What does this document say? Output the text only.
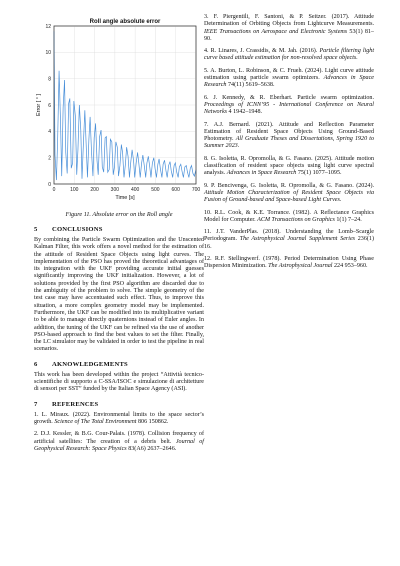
0	100 200 300 400 500 600 700
0
2
4
6
8
10
12
Roll angle absolute error
Time [s]
Error [ ° ]
Figure 11. Absolute error on the Roll angle
5 CONCLUSIONS

By combining the Particle Swarm Optimization and the Unscented Kalman Filter, this work offers a novel method for the estimation of the attitude of Resident Space Objects using light curves. The implementation of the PSO has proved the theoretical advantages of its integration with the UKF providing accurate initial guesses significantly improving the UKF initialization. However, a lot of solutions provided by the first PSO algorithm are discarded due to the ambiguity of the problem to solve. The simple geometry of the test case may have accentuated such effect. Thus, to improve this situation, a more complex geometry model may be implemented. Furthermore, the UKF can be modified into its multiplicative variant to be able to manage directly quaternions instead of Euler angles. In addition, the tuning of the UKF can be refined via the use of another PSO-based approach to find the best values to set the filter. Finally, the LC simulator may be validated in order to test the pipeline in real scenarios.

6 AKNOWLEDGEMENTS

This work has been developed within the project “Attività tecnico-scientifiche di supporto a C-SSA/ISOC e simulazione di architetture di sensori per SST” funded by the Italian Space Agency (ASI).

7 REFERENCES

1. L. Miraux. (2022). Environmental limits to the space sector’s growth. Science of The Total Environment 806 150862.

2. D.J. Kessler, & B.G. Cour-Palais. (1978). Collision frequency of artificial satellites: The creation of a debris belt. Journal of Geophysical Research: Space Physics 83(A6) 2637–2646.

3. F. Piergentili, F. Santoni, & P. Seitzer. (2017). Attitude Determination of Orbiting Objects from Lightcurve Measurements. IEEE Transactions on Aerospace and Electronic Systems 53(1) 81–90.

4. R. Linares, J. Crassidis, & M. Jah. (2016). Particle filtering light curve based attitude estimation for non-resolved space objects.

5. A. Burton, L. Robinson, & C. Frueh. (2024). Light curve attitude estimation using particle swarm optimizers. Advances in Space Research 74(11) 5619–5638.

6. J. Kennedy, & R. Eberhart. Particle swarm optimization. Proceedings of ICNN’95 - International Conference on Neural Networks 4 1942–1948.

7. A.J. Bernard. (2021). Attitude and Reflection Parameter Estimation of Resident Space Objects Using Ground-Based Photometry. All Graduate Theses and Dissertations, Spring 1920 to Summer 2023.

8. G. Isoletta, R. Opromolla, & G. Fasano. (2025). Attitude motion classification of resident space objects using light curve spectral analysis. Advances in Space Research 75(1) 1077–1095.

9. P. Bencivenga, G. Isoletta, R. Opromolla, & G. Fasano. (2024). Attitude Motion Characterization of Resident Space Objects via Fusion of Ground-based and Space-based Light Curves.

10. R.L. Cook, & K.E. Torrance. (1982). A Reflectance Graphics Model for Computer. ACM Transactions on Graphics 1(1) 7–24.

11. J.T. VanderPlas. (2018). Understanding the Lomb–Scargle Periodogram. The Astrophysical Journal Supplement Series 236(1) 16.

12. R.F. Stellingwerf. (1978). Period Determination Using Phase Dispersion Minimization. The Astrophysical Journal 224 953–960.
